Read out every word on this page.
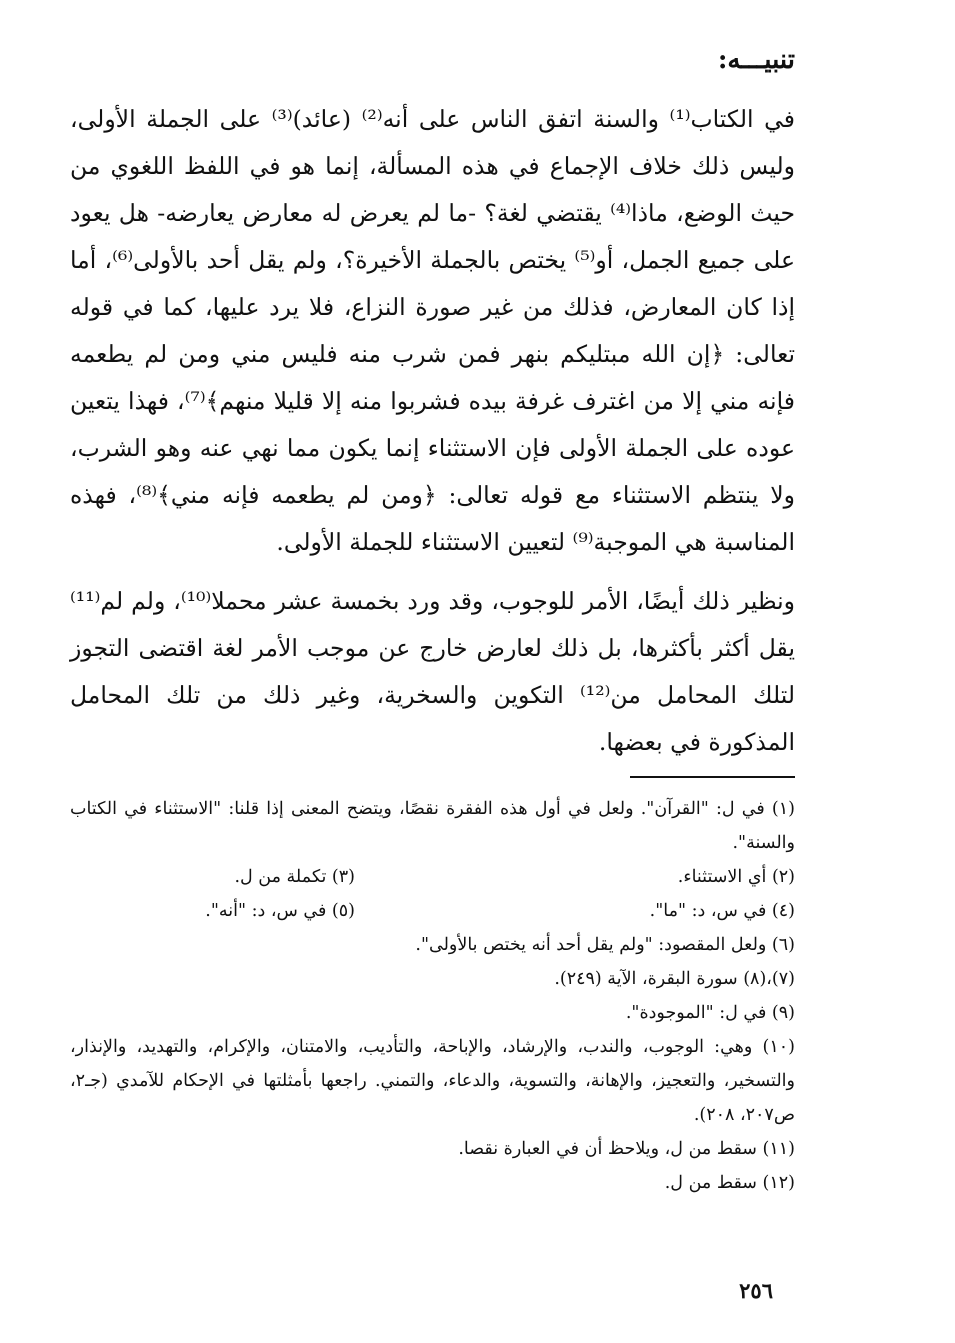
تنبيـــه:

في الكتاب⁽¹⁾ والسنة اتفق الناس على أنه⁽²⁾ (عائد)⁽³⁾ على الجملة الأولى، وليس ذلك خلاف الإجماع في هذه المسألة، إنما هو في اللفظ اللغوي من حيث الوضع، ماذا⁽⁴⁾ يقتضي لغة؟ -ما لم يعرض له معارض يعارضه- هل يعود على جميع الجمل، أو⁽⁵⁾ يختص بالجملة الأخيرة؟، ولم يقل أحد بالأولى⁽⁶⁾، أما إذا كان المعارض، فذلك من غير صورة النزاع، فلا يرد عليها، كما في قوله تعالى: ﴿إن الله مبتليكم بنهر فمن شرب منه فليس مني ومن لم يطعمه فإنه مني إلا من اغترف غرفة بيده فشربوا منه إلا قليلا منهم﴾⁽⁷⁾، فهذا يتعين عوده على الجملة الأولى فإن الاستثناء إنما يكون مما نهي عنه وهو الشرب، ولا ينتظم الاستثناء مع قوله تعالى: ﴿ومن لم يطعمه فإنه مني﴾⁽⁸⁾، فهذه المناسبة هي الموجبة⁽⁹⁾ لتعيين الاستثناء للجملة الأولى.

ونظير ذلك أيضًا، الأمر للوجوب، وقد ورد بخمسة عشر محملا⁽¹⁰⁾، ولم لم⁽¹¹⁾ يقل أكثر بأكثرها، بل ذلك لعارض خارج عن موجب الأمر لغة اقتضى التجوز لتلك المحامل من⁽¹²⁾ التكوين والسخرية، وغير ذلك من تلك المحامل المذكورة في بعضها.

(١) في ل: "القرآن". ولعل في أول هذه الفقرة نقصًا، ويتضح المعنى إذا قلنا: "الاستثناء في الكتاب والسنة".

(٢) أي الاستثناء.

(٣) تكملة من ل.

(٤) في س، د: "ما".

(٥) في س، د: "أنه".

(٦) ولعل المقصود: "ولم يقل أحد أنه يختص بالأولى".

(٧)،(٨) سورة البقرة، الآية (٢٤٩).

(٩) في ل: "الموجودة".

(١٠) وهي: الوجوب، والندب، والإرشاد، والإباحة، والتأديب، والامتنان، والإكرام، والتهديد، والإنذار، والتسخير، والتعجيز، والإهانة، والتسوية، والدعاء، والتمني. راجعها بأمثلتها في الإحكام للآمدي (جـ٢، ص٢٠٧، ٢٠٨).

(١١) سقط من ل، ويلاحظ أن في العبارة نقصا.

(١٢) سقط من ل.

٢٥٦
